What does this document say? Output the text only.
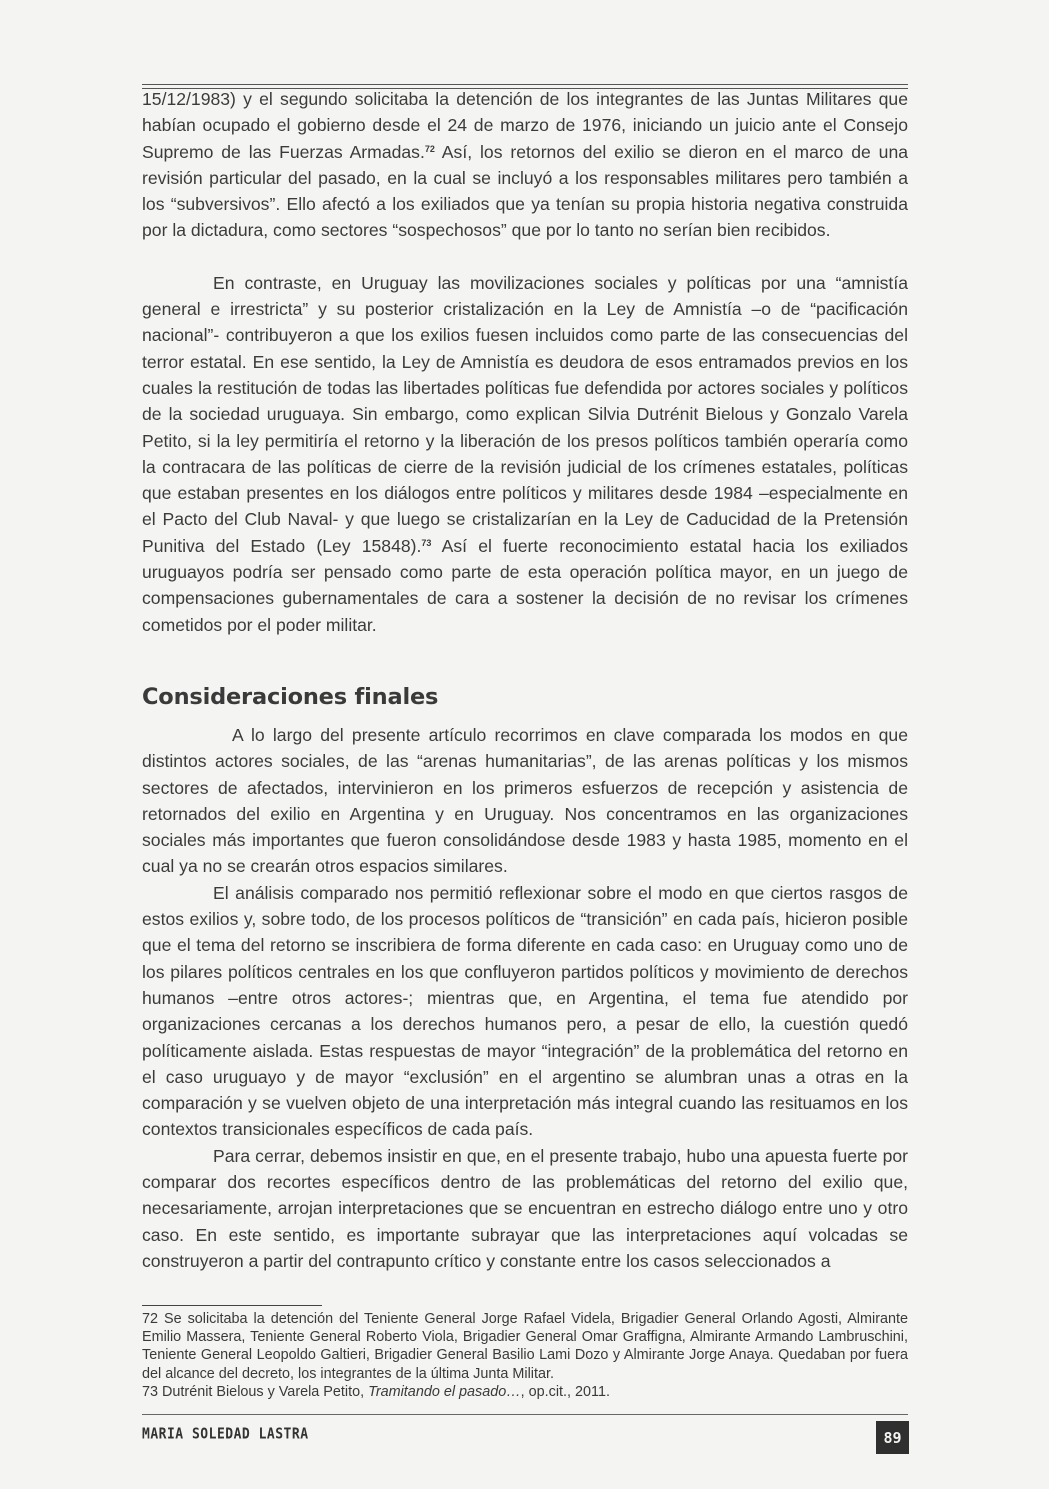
15/12/1983) y el segundo solicitaba la detención de los integrantes de las Juntas Militares que habían ocupado el gobierno desde el 24 de marzo de 1976, iniciando un juicio ante el Consejo Supremo de las Fuerzas Armadas.$^{72}$ Así, los retornos del exilio se dieron en el marco de una revisión particular del pasado, en la cual se incluyó a los responsables militares pero también a los “subversivos”. Ello afectó a los exiliados que ya tenían su propia historia negativa construida por la dictadura, como sectores “sospechosos” que por lo tanto no serían bien recibidos.

En contraste, en Uruguay las movilizaciones sociales y políticas por una “amnistía general e irrestricta” y su posterior cristalización en la Ley de Amnistía –o de “pacificación nacional”- contribuyeron a que los exilios fuesen incluidos como parte de las consecuencias del terror estatal. En ese sentido, la Ley de Amnistía es deudora de esos entramados previos en los cuales la restitución de todas las libertades políticas fue defendida por actores sociales y políticos de la sociedad uruguaya. Sin embargo, como explican Silvia Dutrénit Bielous y Gonzalo Varela Petito, si la ley permitiría el retorno y la liberación de los presos políticos también operaría como la contracara de las políticas de cierre de la revisión judicial de los crímenes estatales, políticas que estaban presentes en los diálogos entre políticos y militares desde 1984 –especialmente en el Pacto del Club Naval- y que luego se cristalizarían en la Ley de Caducidad de la Pretensión Punitiva del Estado (Ley 15848).$^{73}$ Así el fuerte reconocimiento estatal hacia los exiliados uruguayos podría ser pensado como parte de esta operación política mayor, en un juego de compensaciones gubernamentales de cara a sostener la decisión de no revisar los crímenes cometidos por el poder militar.

Consideraciones finales

A lo largo del presente artículo recorrimos en clave comparada los modos en que distintos actores sociales, de las “arenas humanitarias”, de las arenas políticas y los mismos sectores de afectados, intervinieron en los primeros esfuerzos de recepción y asistencia de retornados del exilio en Argentina y en Uruguay. Nos concentramos en las organizaciones sociales más importantes que fueron consolidándose desde 1983 y hasta 1985, momento en el cual ya no se crearán otros espacios similares.

El análisis comparado nos permitió reflexionar sobre el modo en que ciertos rasgos de estos exilios y, sobre todo, de los procesos políticos de “transición” en cada país, hicieron posible que el tema del retorno se inscribiera de forma diferente en cada caso: en Uruguay como uno de los pilares políticos centrales en los que confluyeron partidos políticos y movimiento de derechos humanos –entre otros actores-; mientras que, en Argentina, el tema fue atendido por organizaciones cercanas a los derechos humanos pero, a pesar de ello, la cuestión quedó políticamente aislada. Estas respuestas de mayor “integración” de la problemática del retorno en el caso uruguayo y de mayor “exclusión” en el argentino se alumbran unas a otras en la comparación y se vuelven objeto de una interpretación más integral cuando las resituamos en los contextos transicionales específicos de cada país.

Para cerrar, debemos insistir en que, en el presente trabajo, hubo una apuesta fuerte por comparar dos recortes específicos dentro de las problemáticas del retorno del exilio que, necesariamente, arrojan interpretaciones que se encuentran en estrecho diálogo entre uno y otro caso. En este sentido, es importante subrayar que las interpretaciones aquí volcadas se construyeron a partir del contrapunto crítico y constante entre los casos seleccionados a

72 Se solicitaba la detención del Teniente General Jorge Rafael Videla, Brigadier General Orlando Agosti, Almirante Emilio Massera, Teniente General Roberto Viola, Brigadier General Omar Graffigna, Almirante Armando Lambruschini, Teniente General Leopoldo Galtieri, Brigadier General Basilio Lami Dozo y Almirante Jorge Anaya. Quedaban por fuera del alcance del decreto, los integrantes de la última Junta Militar.

73 Dutrénit Bielous y Varela Petito, Tramitando el pasado…, op.cit., 2011.

MARIA SOLEDAD LASTRA	89
